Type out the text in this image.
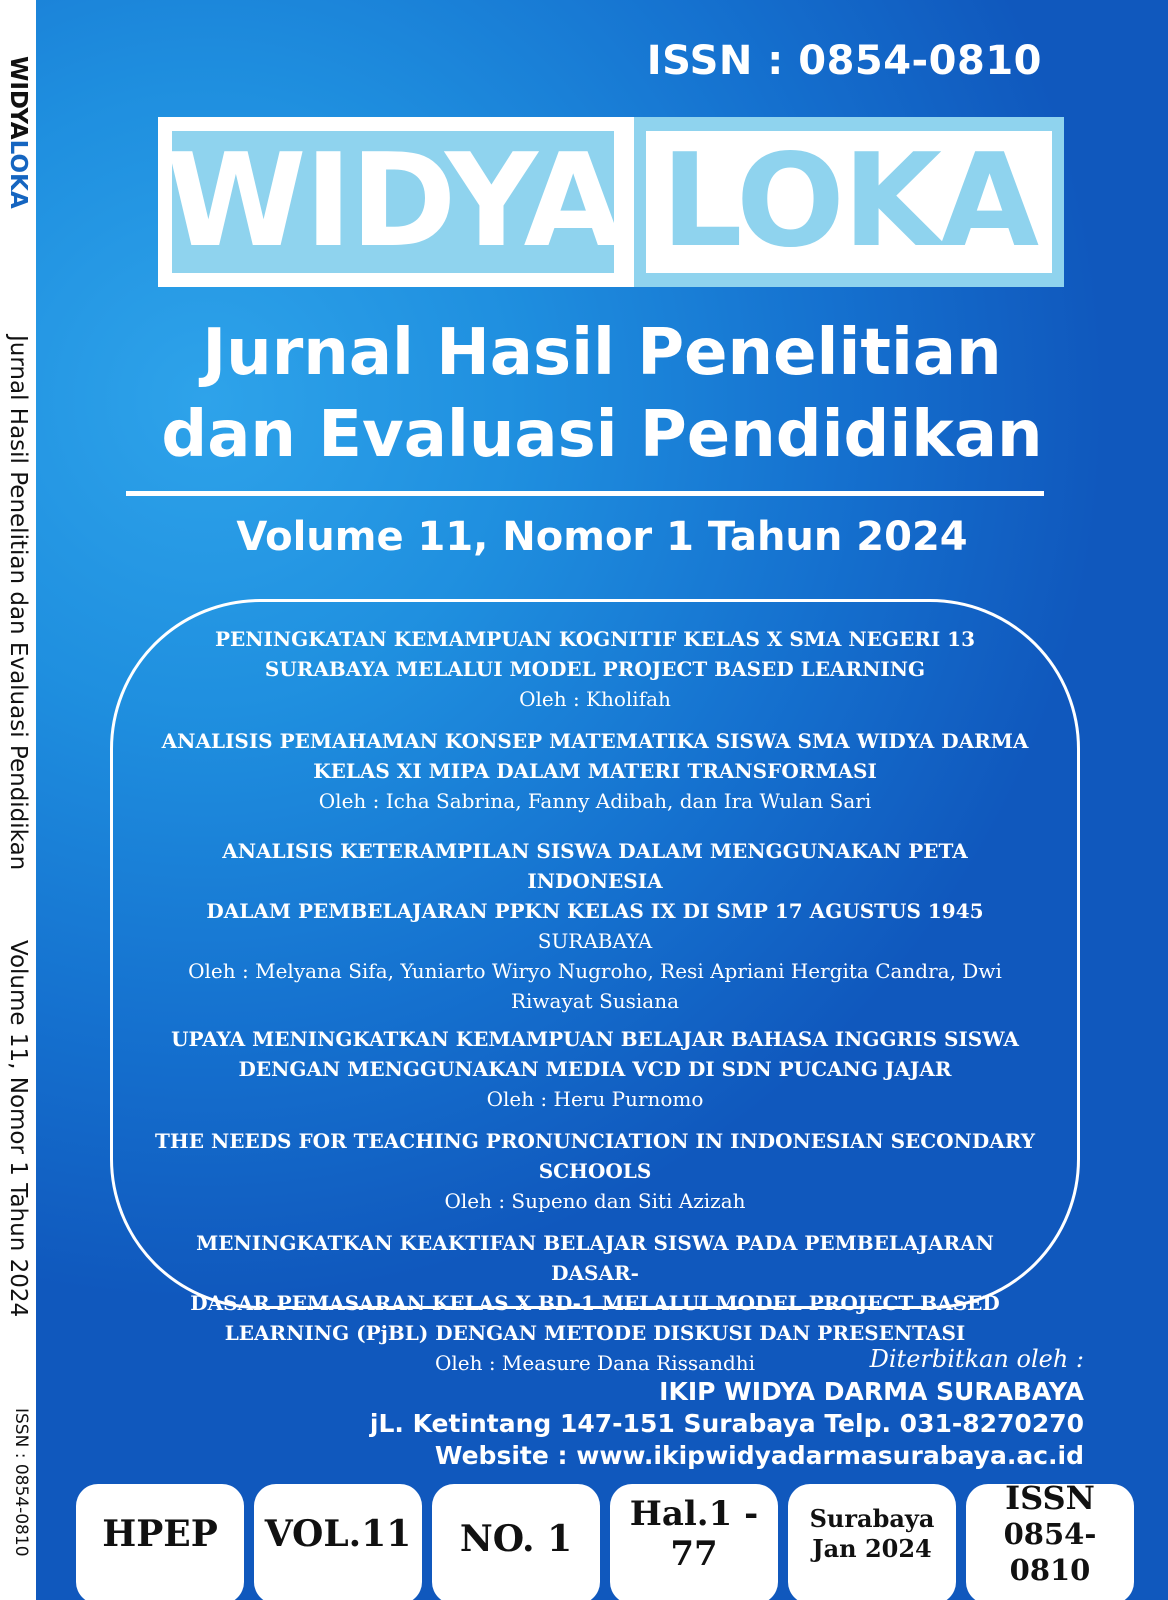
WIDYALOKA
Jurnal Hasil Penelitian dan Evaluasi Pendidikan
Volume 11, Nomor 1 Tahun 2024
ISSN : 0854-0810
ISSN : 0854-0810
WIDYA LOKA
Jurnal Hasil Penelitian
dan Evaluasi Pendidikan
Volume 11, Nomor 1 Tahun 2024
PENINGKATAN KEMAMPUAN KOGNITIF KELAS X SMA NEGERI 13
SURABAYA MELALUI MODEL PROJECT BASED LEARNING
Oleh : Kholifah
ANALISIS PEMAHAMAN KONSEP MATEMATIKA SISWA SMA WIDYA DARMA
KELAS XI MIPA DALAM MATERI TRANSFORMASI
Oleh : Icha Sabrina, Fanny Adibah, dan Ira Wulan Sari
ANALISIS KETERAMPILAN SISWA DALAM MENGGUNAKAN PETA INDONESIA
DALAM PEMBELAJARAN PPKN KELAS IX DI SMP 17 AGUSTUS 1945 SURABAYA
Oleh : Melyana Sifa, Yuniarto Wiryo Nugroho, Resi Apriani Hergita Candra, Dwi
Riwayat Susiana
UPAYA MENINGKATKAN KEMAMPUAN BELAJAR BAHASA INGGRIS SISWA
DENGAN MENGGUNAKAN MEDIA VCD DI SDN PUCANG JAJAR
Oleh : Heru Purnomo
THE NEEDS FOR TEACHING PRONUNCIATION IN INDONESIAN SECONDARY
SCHOOLS
Oleh : Supeno dan Siti Azizah
MENINGKATKAN KEAKTIFAN BELAJAR SISWA PADA PEMBELAJARAN DASAR-
DASAR PEMASARAN KELAS X BD-1 MELALUI MODEL PROJECT BASED
LEARNING (PjBL) DENGAN METODE DISKUSI DAN PRESENTASI
Oleh : Measure Dana Rissandhi	Diterbitkan oleh :
IKIP WIDYA DARMA SURABAYA
jL. Ketintang 147-151 Surabaya Telp. 031-8270270
Website : www.ikipwidyadarmasurabaya.ac.id
HPEP VOL.11 NO. 1
Hal.1 - 77
Surabaya
Jan 2024
ISSN
0854-0810
